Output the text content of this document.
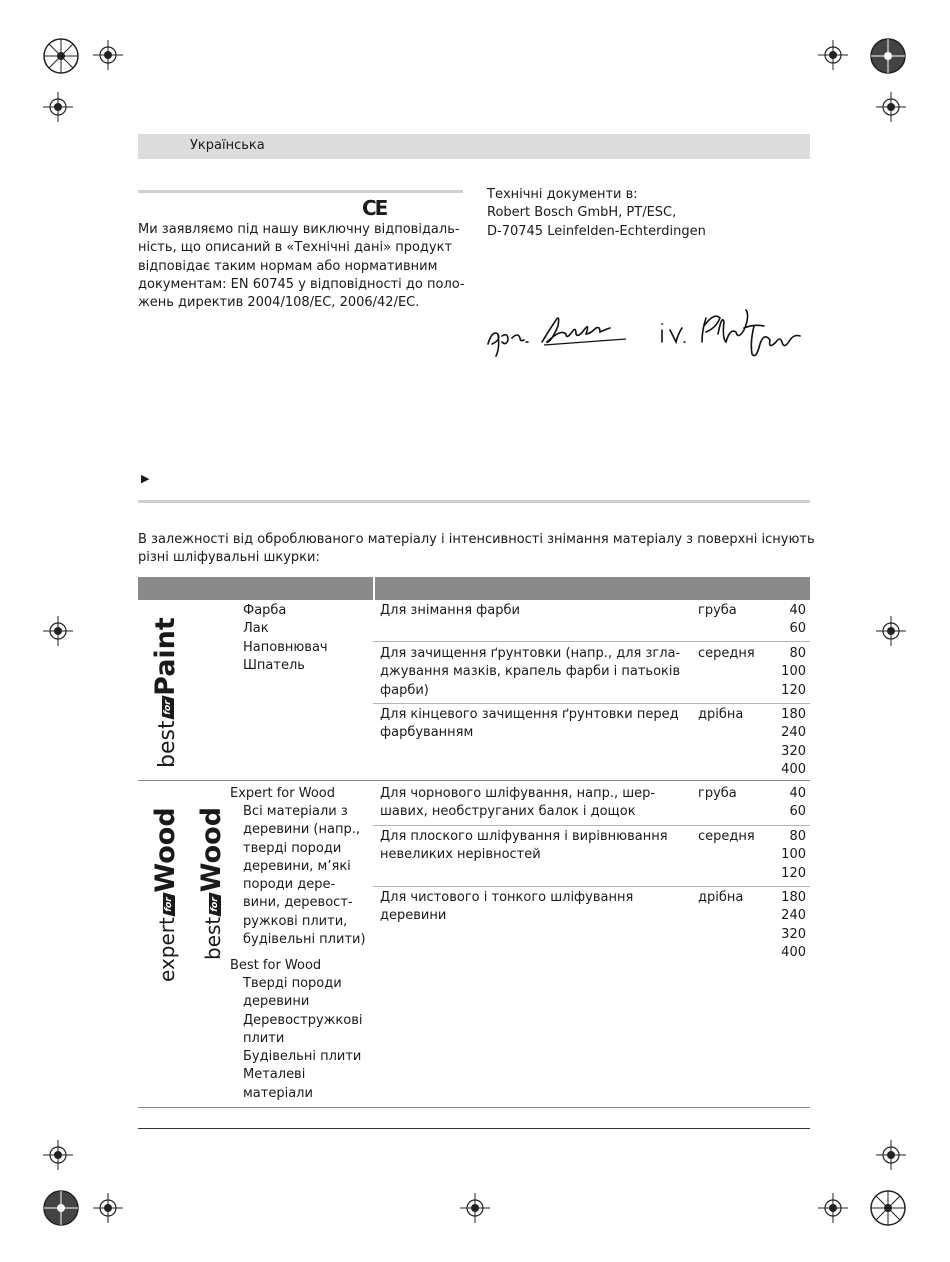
Українська
CE
Ми заявляємо під нашу виключну відповідаль-
ність, що описаний в «Технічні дані» продукт
відповідає таким нормам або нормативним
документам: EN 60745 у відповідності до поло-
жень директив 2004/108/EC, 2006/42/EC.
Технічні документи в:
Robert Bosch GmbH, PT/ESC,
D-70745 Leinfelden-Echterdingen
▶
В залежності від оброблюваного матеріалу і інтенсивності знімання матеріалу з поверхні існують
різні шліфувальні шкурки:
bestforPaint
Фарба
Лак
Наповнювач
Шпатель
Для знімання фарби	груба	40
60
Для зачищення ґрунтовки (напр., для згла-
джування мазків, крапель фарби і патьоків
фарби)
середня	80
100
120
Для кінцевого зачищення ґрунтовки перед
фарбуванням
дрібна	180
240
320
400
expertforWood
bestforWood
Expert for Wood
Всі матеріали з
деревини (напр.,
тверді породи
деревини, м’які
породи дере-
вини, деревост-
ружкові плити,
будівельні плити)
Best for Wood
Тверді породи
деревини
Деревостружкові
плити
Будівельні плити
Металеві
матеріали
Для чорнового шліфування, напр., шер-
шавих, необструганих балок і дощок
груба	40
60
Для плоского шліфування і вирівнювання
невеликих нерівностей
середня	80
100
120
Для чистового і тонкого шліфування
деревини
дрібна	180
240
320
400
